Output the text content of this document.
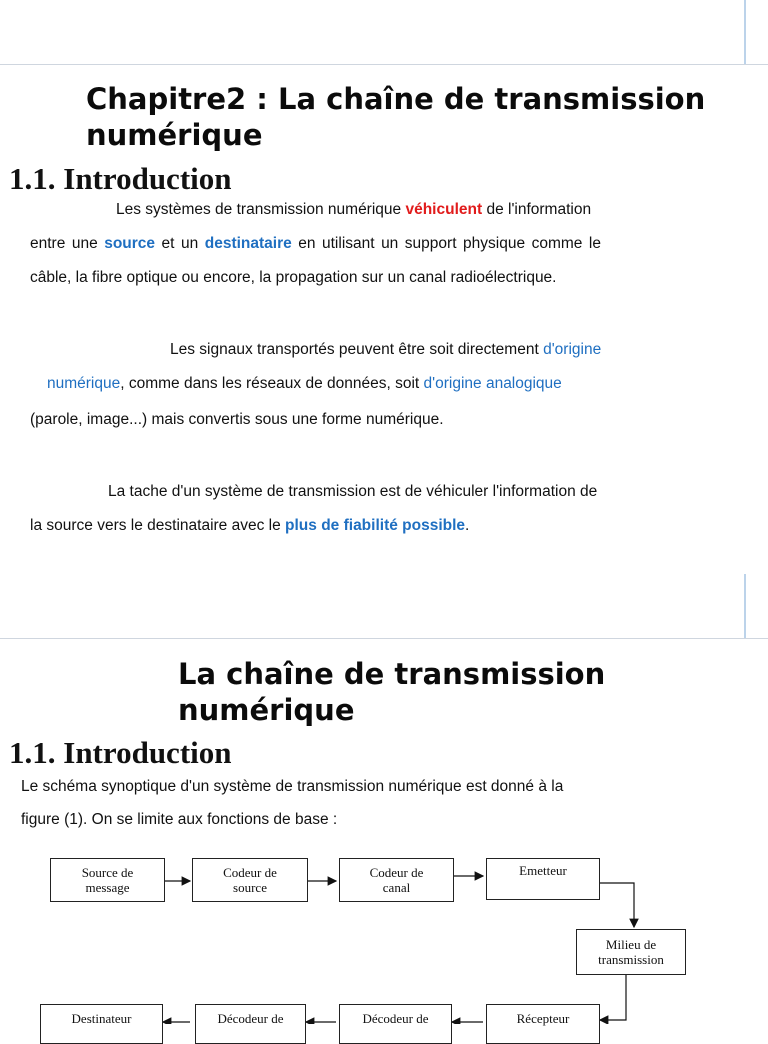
Chapitre2 : La chaîne de transmission
numérique
1.1. Introduction
Les systèmes de transmission numérique véhiculent de l'information
entre une source et un destinataire en utilisant un support physique comme le
câble, la fibre optique ou encore, la propagation sur un canal radioélectrique.
Les signaux transportés peuvent être soit directement d'origine
numérique, comme dans les réseaux de données, soit d'origine analogique
(parole, image...) mais convertis sous une forme numérique.
La tache d'un système de transmission est de véhiculer l'information de
la source vers le destinataire avec le plus de fiabilité possible.
La chaîne de transmission
numérique
1.1. Introduction
Le schéma synoptique d'un système de transmission numérique est donné à la
figure (1). On se limite aux fonctions de base :
Source de
message
Codeur de
source
Codeur de
canal
Emetteur
Milieu de
transmission
Destinateur	Décodeur de	Décodeur de	Récepteur
